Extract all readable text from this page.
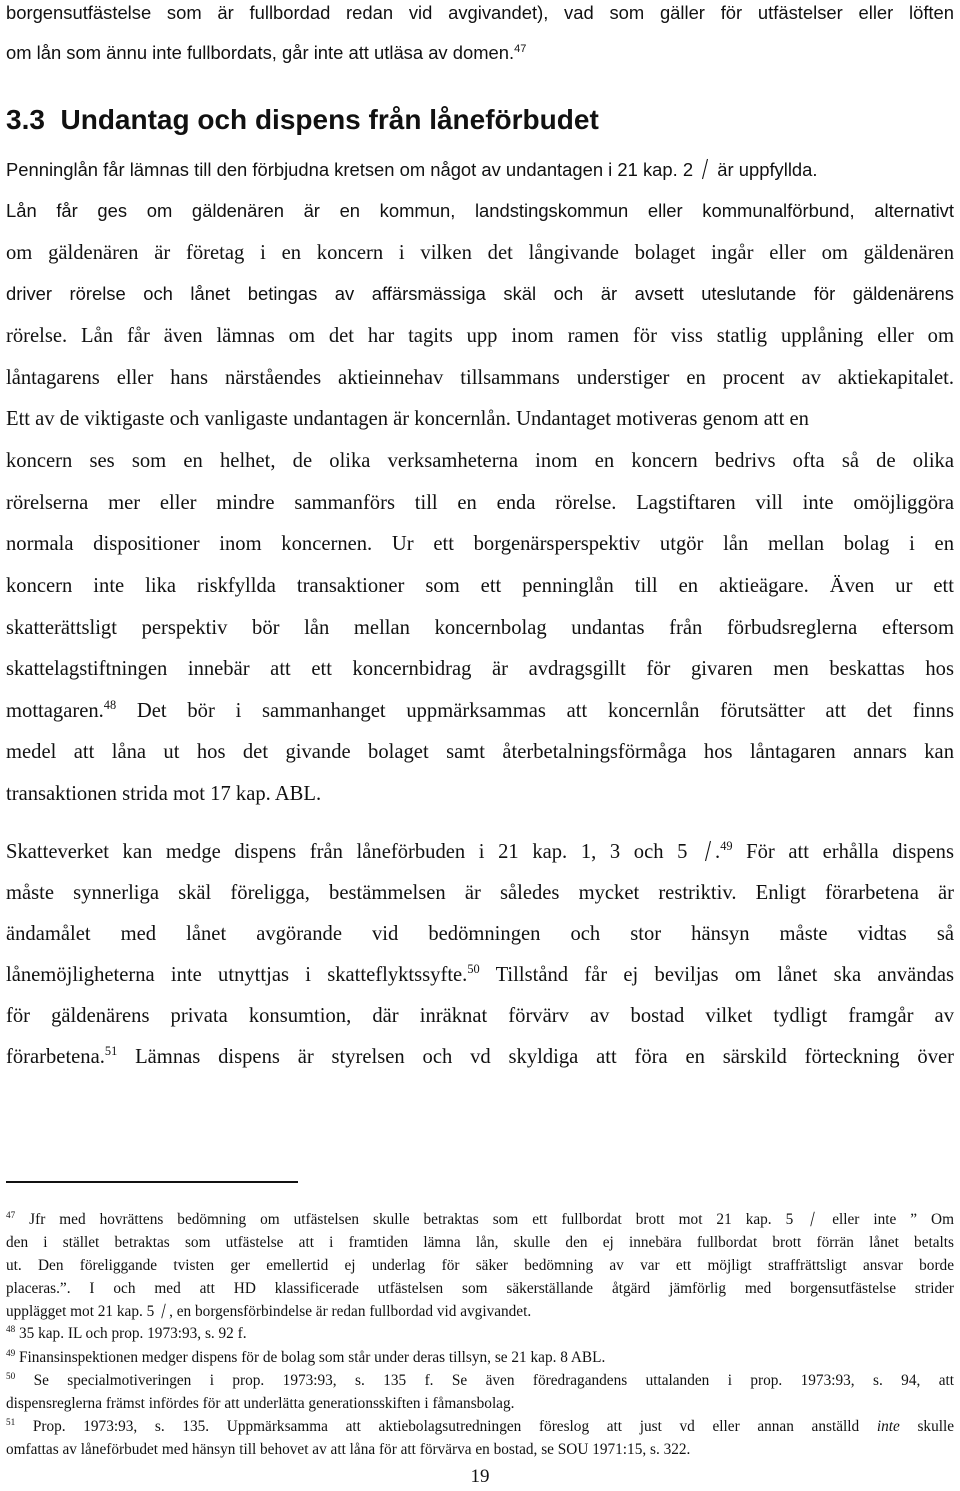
borgensutfästelse som är fullbordad redan vid avgivandet), vad som gäller för utfästelser eller löften

om lån som ännu inte fullbordats, går inte att utläsa av domen.$^{47}$

3.3 Undantag och dispens från låneförbudet

Penninglån får lämnas till den förbjudna kretsen om något av undantagen i 21 kap. 2 är uppfyllda.

Lån får ges om gäldenären är en kommun, landstingskommun eller kommunalförbund, alternativt

om gäldenären är företag i en koncern i vilken det långivande bolaget ingår eller om gäldenären

driver rörelse och lånet betingas av affärsmässiga skäl och är avsett uteslutande för gäldenärens

rörelse. Lån får även lämnas om det har tagits upp inom ramen för viss statlig upplåning eller om

låntagarens eller hans närståendes aktieinnehav tillsammans understiger en procent av aktiekapitalet.

Ett av de viktigaste och vanligaste undantagen är koncernlån. Undantaget motiveras genom att en

koncern ses som en helhet, de olika verksamheterna inom en koncern bedrivs ofta så de olika

rörelserna mer eller mindre sammanförs till en enda rörelse. Lagstiftaren vill inte omöjliggöra

normala dispositioner inom koncernen. Ur ett borgenärsperspektiv utgör lån mellan bolag i en

koncern inte lika riskfyllda transaktioner som ett penninglån till en aktieägare. Även ur ett

skatterättsligt perspektiv bör lån mellan koncernbolag undantas från förbudsreglerna eftersom

skattelagstiftningen innebär att ett koncernbidrag är avdragsgillt för givaren men beskattas hos

mottagaren.$^{48}$ Det bör i sammanhanget uppmärksammas att koncernlån förutsätter att det finns

medel att låna ut hos det givande bolaget samt återbetalningsförmåga hos låntagaren annars kan

transaktionen strida mot 17 kap. ABL.

Skatteverket kan medge dispens från låneförbuden i 21 kap. 1, 3 och 5 .$^{49}$ För att erhålla dispens

måste synnerliga skäl föreligga, bestämmelsen är således mycket restriktiv. Enligt förarbetena är

ändamålet med lånet avgörande vid bedömningen och stor hänsyn måste vidtas så

lånemöjligheterna inte utnyttjas i skatteflyktssyfte.$^{50}$ Tillstånd får ej beviljas om lånet ska användas

för gäldenärens privata konsumtion, där inräknat förvärv av bostad vilket tydligt framgår av

förarbetena.$^{51}$ Lämnas dispens är styrelsen och vd skyldiga att föra en särskild förteckning över

$^{47}$ Jfr med hovrättens bedömning om utfästelsen skulle betraktas som ett fullbordat brott mot 21 kap. 5	eller inte ” Om

den i stället betraktas som utfästelse att i framtiden lämna lån, skulle den ej innebära fullbordat brott förrän lånet betalts

ut. Den föreliggande tvisten ger emellertid ej underlag för säker bedömning av var ett möjligt straffrättsligt ansvar borde

placeras.”. I och med att HD klassificerade utfästelsen som säkerställande åtgärd jämförlig med borgensutfästelse strider

upplägget mot 21 kap. 5 , en borgensförbindelse är redan fullbordad vid avgivandet.

$^{48}$ 35 kap. IL och prop. 1973:93, s. 92 f.

$^{49}$ Finansinspektionen medger dispens för de bolag som står under deras tillsyn, se 21 kap. 8 ABL.

$^{50}$ Se specialmotiveringen i prop. 1973:93, s. 135 f. Se även föredragandens uttalanden i prop. 1973:93, s. 94, att

dispensreglerna främst infördes för att underlätta generationsskiften i fåmansbolag.

$^{51}$ Prop. 1973:93, s. 135. Uppmärksamma att aktiebolagsutredningen föreslog att just vd eller annan anställd inte skulle

omfattas av låneförbudet med hänsyn till behovet av att låna för att förvärva en bostad, se SOU 1971:15, s. 322.

19
